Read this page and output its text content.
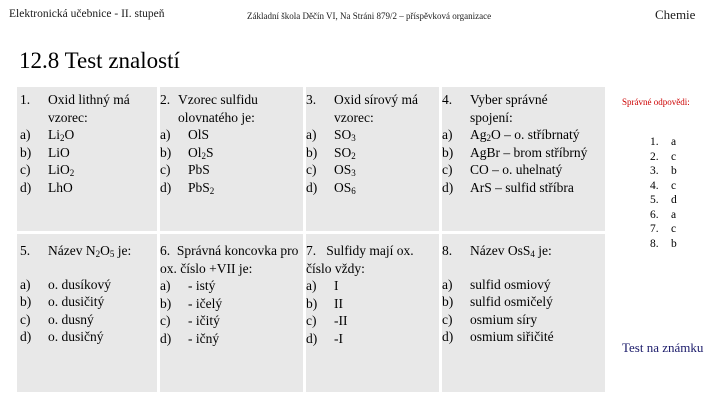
Elektronická učebnice - II. stupeň	Základní škola Děčín VI, Na Stráni 879/2 – příspěvková organizace	Chemie
12.8 Test znalostí
1.	Oxid lithný má
vzorec:
a)	$Li_2O$
b)	LiO
c)	LiO$_2$
d)	LhO
2. Vzorec sulfidu olovnatého je:
a)	OlS
b)	$Ol_2S$
c)	PbS
d)	PbS$_2$
3.	Oxid sírový má
vzorec:
a)	$SO_3$
b)	$SO_2$
c)	$OS_3$
d)	$OS_6$
4.	Vyber správné
spojení:
a)	$Ag_2O$ – o. stříbrnatý
b)	AgBr – brom stříbrný
c)	CO – o. uhelnatý
d)	ArS – sulfid stříbra
5.	Název $N_2O_5$ je:
a)	o. dusíkový
b)	o. dusičitý
c)	o. dusný
d)	o. dusičný
6. Správná koncovka pro ox. číslo +VII je:
a)	- istý
b)	- ičelý
c)	- ičitý
d)	- ičný
7. Sulfidy mají ox. číslo vždy:
a)	I
b)	II
c)	-II
d)	-I
8.	Název OsS$_4$ je:
a)	sulfid osmiový
b)	sulfid osmičelý
c)	osmium síry
d)	osmium siřičité
Správné odpovědi:
1.	a
2.	c
3.	b
4.	c
5.	d
6.	a
7.	c
8.	b
Test na známku
